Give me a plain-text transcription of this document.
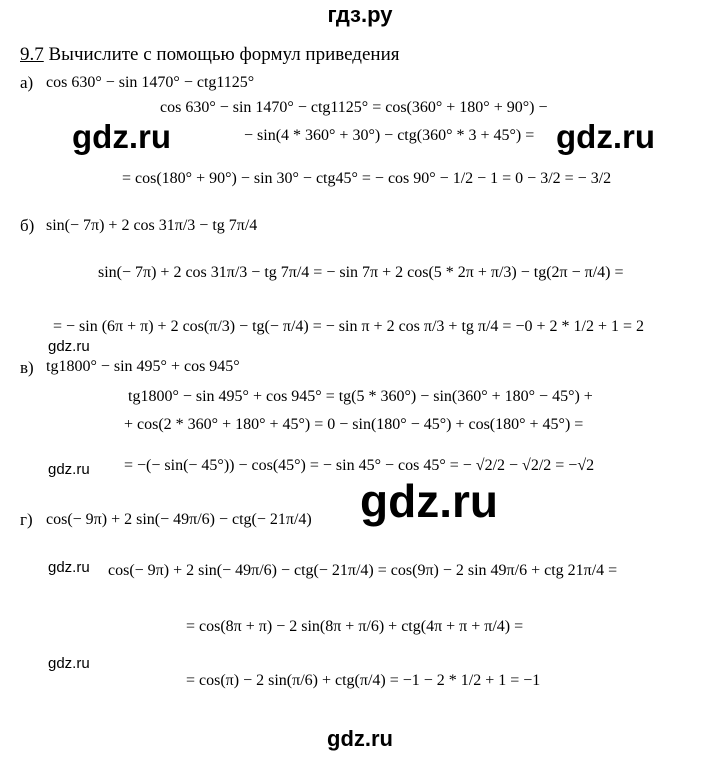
гдз.ру
9.7 Вычислите с помощью формул приведения
а) cos 630° − sin 1470° − ctg1125°
cos 630° − sin 1470° − ctg1125° = cos(360° + 180° + 90°) −
− sin(4 * 360° + 30°) − ctg(360° * 3 + 45°) =
= cos(180° + 90°) − sin 30° − ctg45° = − cos 90° − 1/2 − 1 = 0 − 3/2 = − 3/2
б) sin(− 7π) + 2 cos 31π/3 − tg 7π/4
sin(− 7π) + 2 cos 31π/3 − tg 7π/4 = − sin 7π + 2 cos(5 * 2π + π/3) − tg(2π − π/4) =
= − sin (6π + π) + 2 cos(π/3) − tg(− π/4) = − sin π + 2 cos π/3 + tg π/4 = −0 + 2 * 1/2 + 1 = 2
в) tg1800° − sin 495° + cos 945°
tg1800° − sin 495° + cos 945° = tg(5 * 360°) − sin(360° + 180° − 45°) +
+ cos(2 * 360° + 180° + 45°) = 0 − sin(180° − 45°) + cos(180° + 45°) =
= −(− sin(− 45°)) − cos(45°) = − sin 45° − cos 45° = − √2/2 − √2/2 = −√2
г) cos(− 9π) + 2 sin(− 49π/6) − ctg(− 21π/4)
cos(− 9π) + 2 sin(− 49π/6) − ctg(− 21π/4) = cos(9π) − 2 sin 49π/6 + ctg 21π/4 =
= cos(8π + π) − 2 sin(8π + π/6) + ctg(4π + π + π/4) =
= cos(π) − 2 sin(π/6) + ctg(π/4) = −1 − 2 * 1/2 + 1 = −1
gdz.ru	gdz.ru
gdz.ru
gdz.ru
gdz.ru
gdz.ru
gdz.ru
gdz.ru
